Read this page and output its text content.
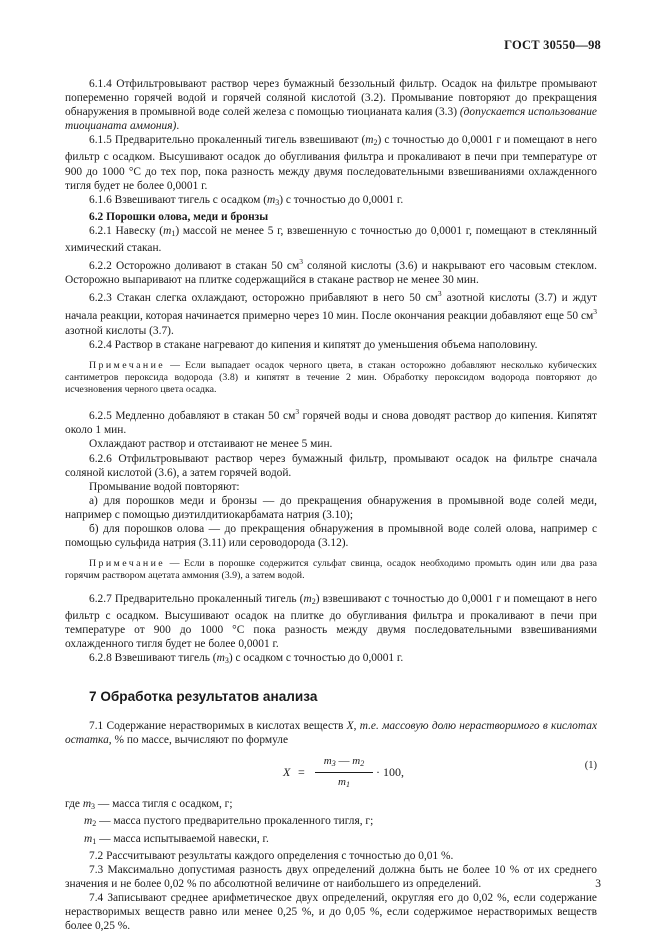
ГОСТ 30550—98

6.1.4 Отфильтровывают раствор через бумажный беззольный фильтр. Осадок на фильтре промывают попеременно горячей водой и горячей соляной кислотой (3.2). Промывание повторяют до прекращения обнаружения в промывной воде солей железа с помощью тиоцианата калия (3.3) (допускается использование тиоцианата аммония).

6.1.5 Предварительно прокаленный тигель взвешивают $(m_2)$ с точностью до 0,0001 г и помещают в него фильтр с осадком. Высушивают осадок до обугливания фильтра и прокаливают в печи при температуре от 900 до 1000 °С до тех пор, пока разность между двумя последовательными взвешиваниями охлажденного тигля будет не более 0,0001 г.

6.1.6 Взвешивают тигель с осадком $(m_3)$ с точностью до 0,0001 г.

6.2 Порошки олова, меди и бронзы

6.2.1 Навеску $(m_1)$ массой не менее 5 г, взвешенную с точностью до 0,0001 г, помещают в стеклянный химический стакан.

6.2.2 Осторожно доливают в стакан 50 $см^3$ соляной кислоты (3.6) и накрывают его часовым стеклом. Осторожно выпаривают на плитке содержащийся в стакане раствор не менее 30 мин.

6.2.3 Стакан слегка охлаждают, осторожно прибавляют в него 50 $см^3$ азотной кислоты (3.7) и ждут начала реакции, которая начинается примерно через 10 мин. После окончания реакции добавляют еще 50 $см^3$ азотной кислоты (3.7).

6.2.4 Раствор в стакане нагревают до кипения и кипятят до уменьшения объема наполовину.

Примечание — Если выпадает осадок черного цвета, в стакан осторожно добавляют несколько кубических сантиметров пероксида водорода (3.8) и кипятят в течение 2 мин. Обработку пероксидом водорода повторяют до исчезновения черного цвета осадка.

6.2.5 Медленно добавляют в стакан 50 $см^3$ горячей воды и снова доводят раствор до кипения. Кипятят около 1 мин.

Охлаждают раствор и отстаивают не менее 5 мин.

6.2.6 Отфильтровывают раствор через бумажный фильтр, промывают осадок на фильтре сначала соляной кислотой (3.6), а затем горячей водой.

Промывание водой повторяют:

а) для порошков меди и бронзы — до прекращения обнаружения в промывной воде солей меди, например с помощью диэтилдитиокарбамата натрия (3.10);

б) для порошков олова — до прекращения обнаружения в промывной воде солей олова, например с помощью сульфида натрия (3.11) или сероводорода (3.12).

Примечание — Если в порошке содержится сульфат свинца, осадок необходимо промыть один или два раза горячим раствором ацетата аммония (3.9), а затем водой.

6.2.7 Предварительно прокаленный тигель $(m_2)$ взвешивают с точностью до 0,0001 г и помещают в него фильтр с осадком. Высушивают осадок на плитке до обугливания фильтра и прокаливают в печи при температуре от 900 до 1000 °С пока разность между двумя последовательными взвешиваниями охлажденного тигля будет не более 0,0001 г.

6.2.8 Взвешивают тигель $(m_3)$ с осадком с точностью до 0,0001 г.

7 Обработка результатов анализа

7.1 Содержание нерастворимых в кислотах веществ X, т.е. массовую долю нерастворимого в кислотах остатка, % по массе, вычисляют по формуле

$X = \frac{m_3 — m_2}{m_1} \cdot 100$,	(1)

где $m_3$ — масса тигля с осадком, г;

$m_2$ — масса пустого предварительно прокаленного тигля, г;

$m_1$ — масса испытываемой навески, г.

7.2 Рассчитывают результаты каждого определения с точностью до 0,01 %.

7.3 Максимально допустимая разность двух определений должна быть не более 10 % от их среднего значения и не более 0,02 % по абсолютной величине от наибольшего из определений.

7.4 Записывают среднее арифметическое двух определений, округляя его до 0,02 %, если содержание нерастворимых веществ равно или менее 0,25 %, и до 0,05 %, если содержимое нерастворимых веществ более 0,25 %.

3
